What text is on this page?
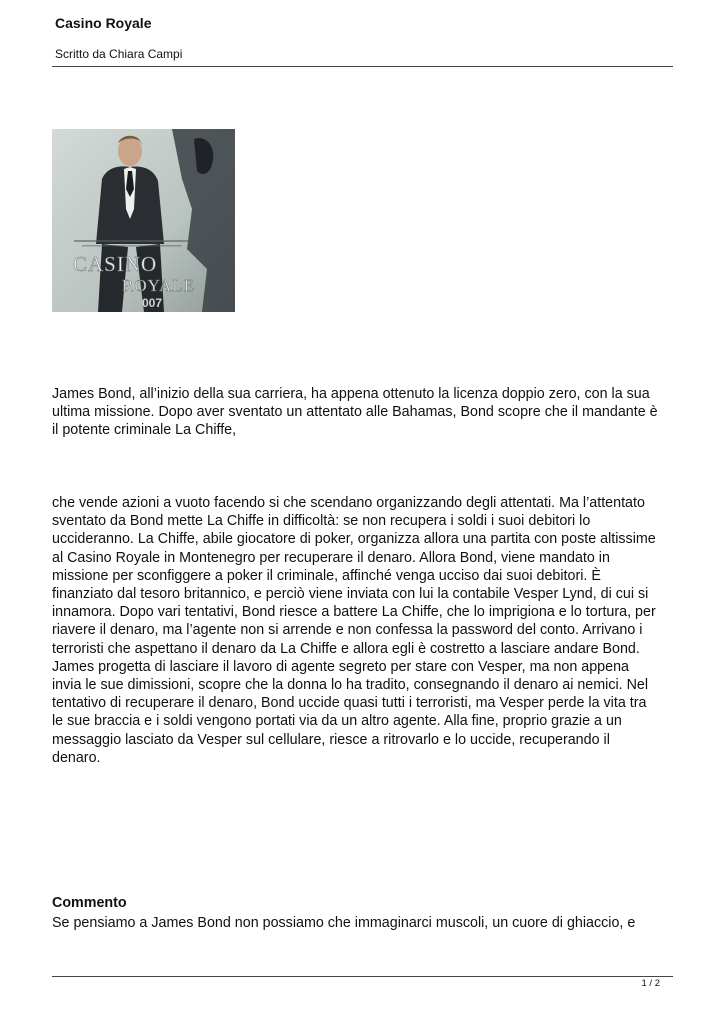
Casino Royale
Scritto da Chiara Campi
CASINO
ROYALE
007

James Bond, all’inizio della sua carriera, ha appena ottenuto la licenza doppio zero, con la sua
ultima missione. Dopo aver sventato un attentato alle Bahamas, Bond scopre che il mandante è
il potente criminale La Chiffe,

che vende azioni a vuoto facendo si che scendano organizzando degli attentati. Ma l’attentato
sventato da Bond mette La Chiffe in difficoltà: se non recupera i soldi i suoi debitori lo
uccideranno. La Chiffe, abile giocatore di poker, organizza allora una partita con poste altissime
al Casino Royale in Montenegro per recuperare il denaro. Allora Bond, viene mandato in
missione per sconfiggere a poker il criminale, affinché venga ucciso dai suoi debitori. È
finanziato dal tesoro britannico, e perciò viene inviata con lui la contabile Vesper Lynd, di cui si
innamora. Dopo vari tentativi, Bond riesce a battere La Chiffe, che lo imprigiona e lo tortura, per
riavere il denaro, ma l’agente non si arrende e non confessa la password del conto. Arrivano i
terroristi che aspettano il denaro da La Chiffe e allora egli è costretto a lasciare andare Bond.
James progetta di lasciare il lavoro di agente segreto per stare con Vesper, ma non appena
invia le sue dimissioni, scopre che la donna lo ha tradito, consegnando il denaro ai nemici. Nel
tentativo di recuperare il denaro, Bond uccide quasi tutti i terroristi, ma Vesper perde la vita tra
le sue braccia e i soldi vengono portati via da un altro agente. Alla fine, proprio grazie a un
messaggio lasciato da Vesper sul cellulare, riesce a ritrovarlo e lo uccide, recuperando il
denaro.

Commento

Se pensiamo a James Bond non possiamo che immaginarci muscoli, un cuore di ghiaccio, e

1 / 2
